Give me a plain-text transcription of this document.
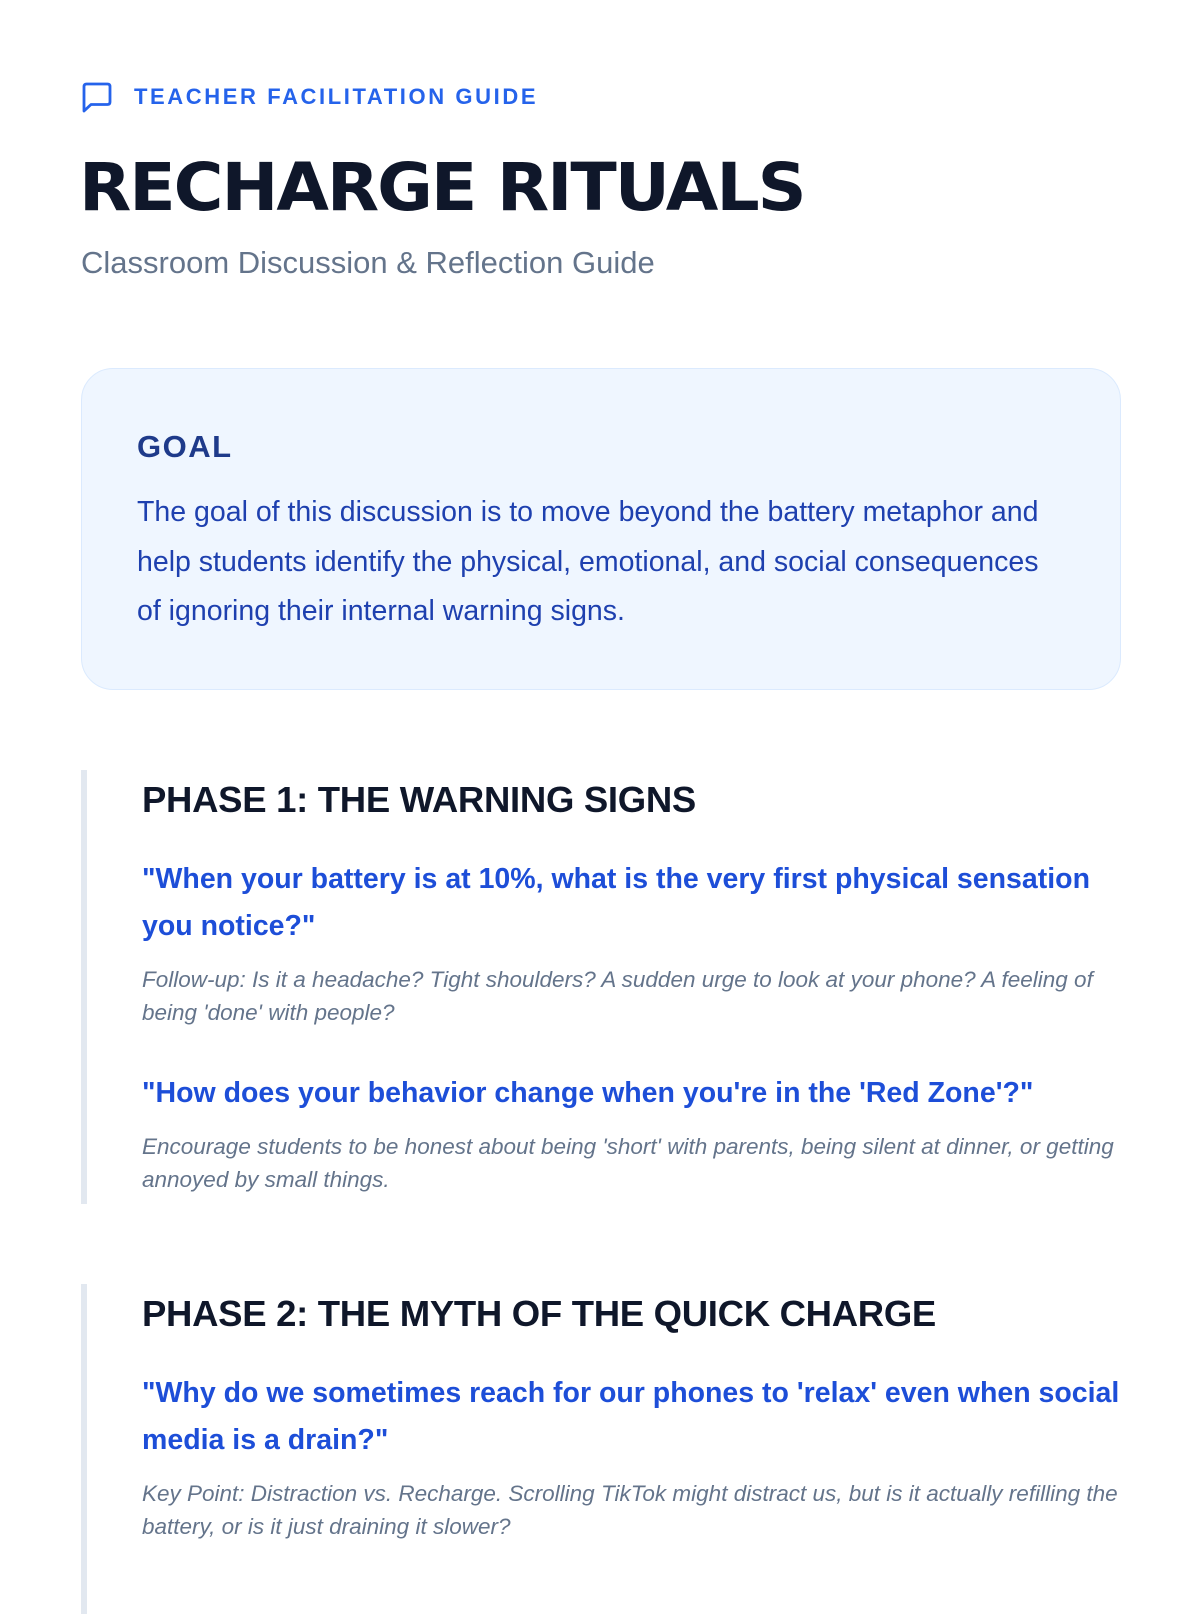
TEACHER FACILITATION GUIDE
RECHARGE RITUALS

Classroom Discussion & Reflection Guide

GOAL

The goal of this discussion is to move beyond the battery metaphor and help students identify the physical, emotional, and social consequences of ignoring their internal warning signs.

PHASE 1: THE WARNING SIGNS

"When your battery is at 10%, what is the very first physical sensation you notice?"

Follow-up: Is it a headache? Tight shoulders? A sudden urge to look at your phone? A feeling of being 'done' with people?

"How does your behavior change when you're in the 'Red Zone'?"

Encourage students to be honest about being 'short' with parents, being silent at dinner, or getting annoyed by small things.

PHASE 2: THE MYTH OF THE QUICK CHARGE

"Why do we sometimes reach for our phones to 'relax' even when social media is a drain?"

Key Point: Distraction vs. Recharge. Scrolling TikTok might distract us, but is it actually refilling the battery, or is it just draining it slower?
